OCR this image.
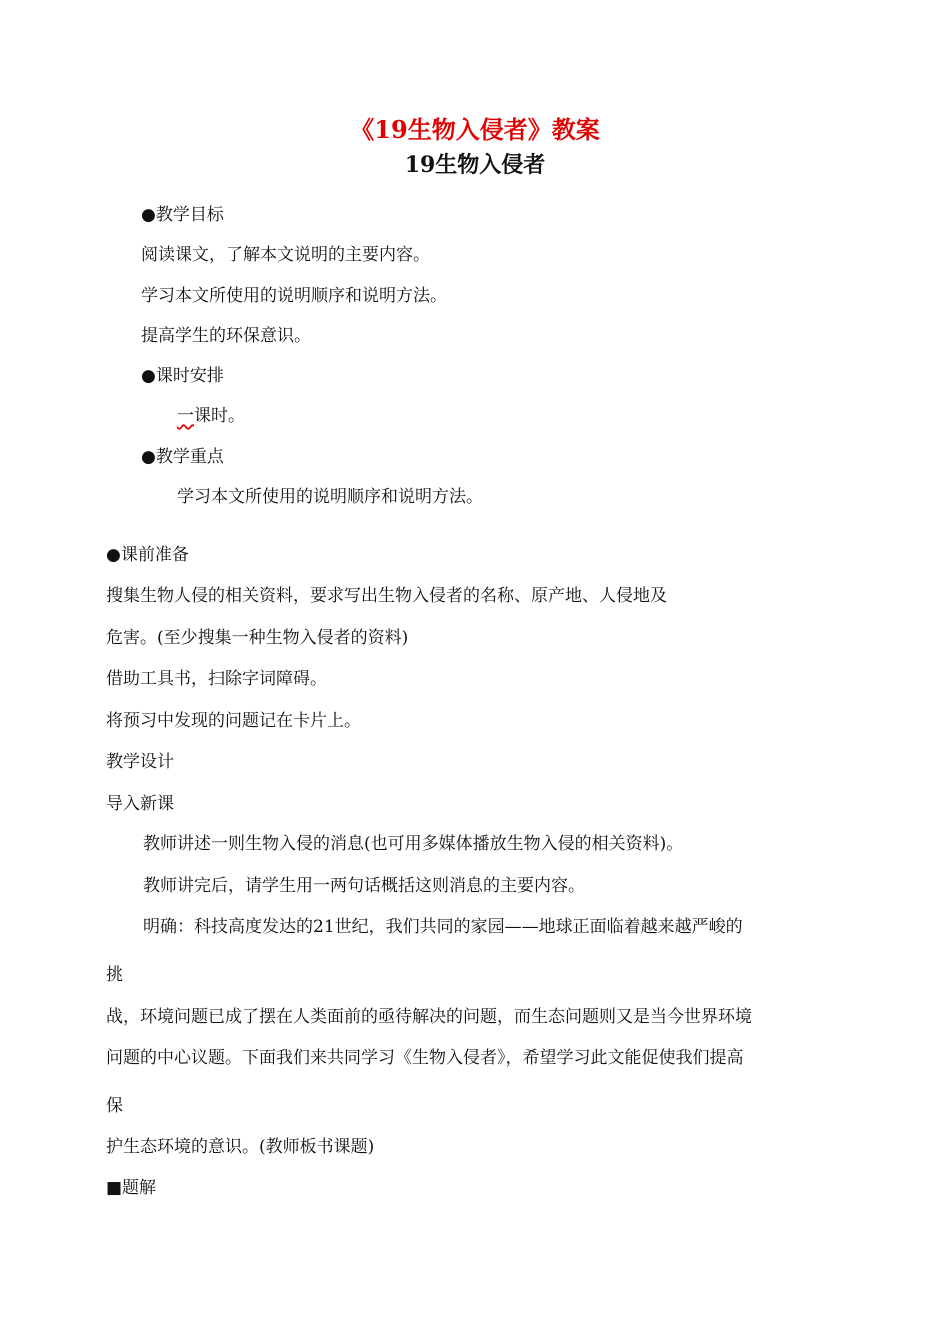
《19生物入侵者》教案
19生物入侵者
●教学目标
阅读课文，了解本文说明的主要内容。
学习本文所使用的说明顺序和说明方法。
提高学生的环保意识。
●课时安排
一课时。
●教学重点
学习本文所使用的说明顺序和说明方法。
●课前准备
搜集生物人侵的相关资料，要求写出生物入侵者的名称、原产地、人侵地及
危害。(至少搜集一种生物入侵者的资料)
借助工具书，扫除字词障碍。
将预习中发现的问题记在卡片上。
教学设计
导入新课
教师讲述一则生物入侵的消息(也可用多媒体播放生物入侵的相关资料)。
教师讲完后，请学生用一两句话概括这则消息的主要内容。
明确：科技高度发达的21世纪，我们共同的家园——地球正面临着越来越严峻的
挑
战，环境问题已成了摆在人类面前的亟待解决的问题，而生态问题则又是当今世界环境
问题的中心议题。下面我们来共同学习《生物入侵者》，希望学习此文能促使我们提高
保
护生态环境的意识。(教师板书课题)
■题解
